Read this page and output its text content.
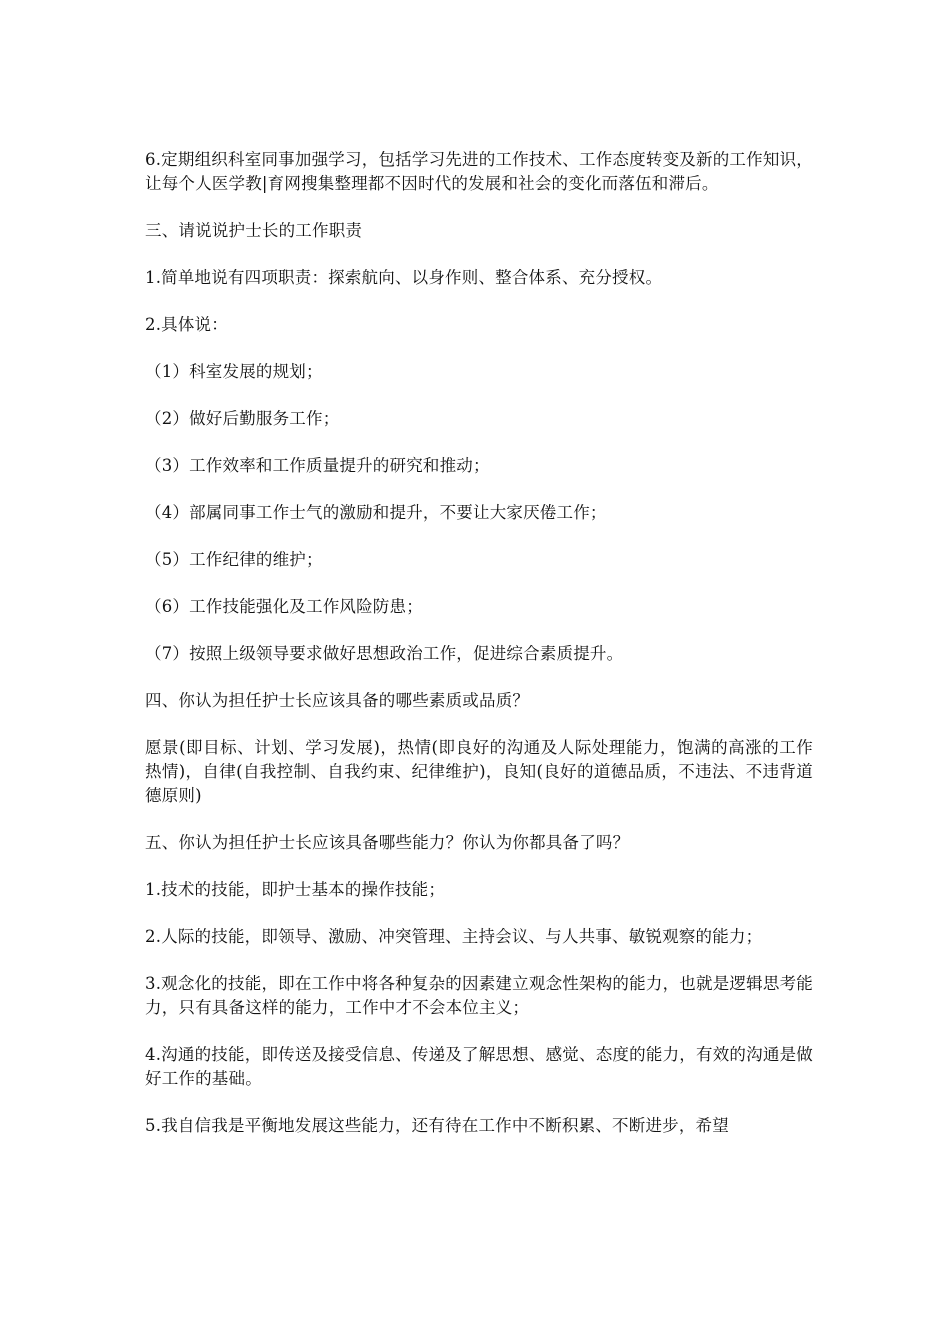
6.定期组织科室同事加强学习，包括学习先进的工作技术、工作态度转变及新的工作知识，让每个人医学教|育网搜集整理都不因时代的发展和社会的变化而落伍和滞后。

三、请说说护士长的工作职责

1.简单地说有四项职责：探索航向、以身作则、整合体系、充分授权。

2.具体说：

（1）科室发展的规划；

（2）做好后勤服务工作；

（3）工作效率和工作质量提升的研究和推动；

（4）部属同事工作士气的激励和提升，不要让大家厌倦工作；

（5）工作纪律的维护；

（6）工作技能强化及工作风险防患；

（7）按照上级领导要求做好思想政治工作，促进综合素质提升。

四、你认为担任护士长应该具备的哪些素质或品质？

愿景(即目标、计划、学习发展)，热情(即良好的沟通及人际处理能力，饱满的高涨的工作热情)，自律(自我控制、自我约束、纪律维护)，良知(良好的道德品质，不违法、不违背道德原则)

五、你认为担任护士长应该具备哪些能力？你认为你都具备了吗？

1.技术的技能，即护士基本的操作技能；

2.人际的技能，即领导、激励、冲突管理、主持会议、与人共事、敏锐观察的能力；

3.观念化的技能，即在工作中将各种复杂的因素建立观念性架构的能力，也就是逻辑思考能力，只有具备这样的能力，工作中才不会本位主义；

4.沟通的技能，即传送及接受信息、传递及了解思想、感觉、态度的能力，有效的沟通是做好工作的基础。

5.我自信我是平衡地发展这些能力，还有待在工作中不断积累、不断进步，希望
